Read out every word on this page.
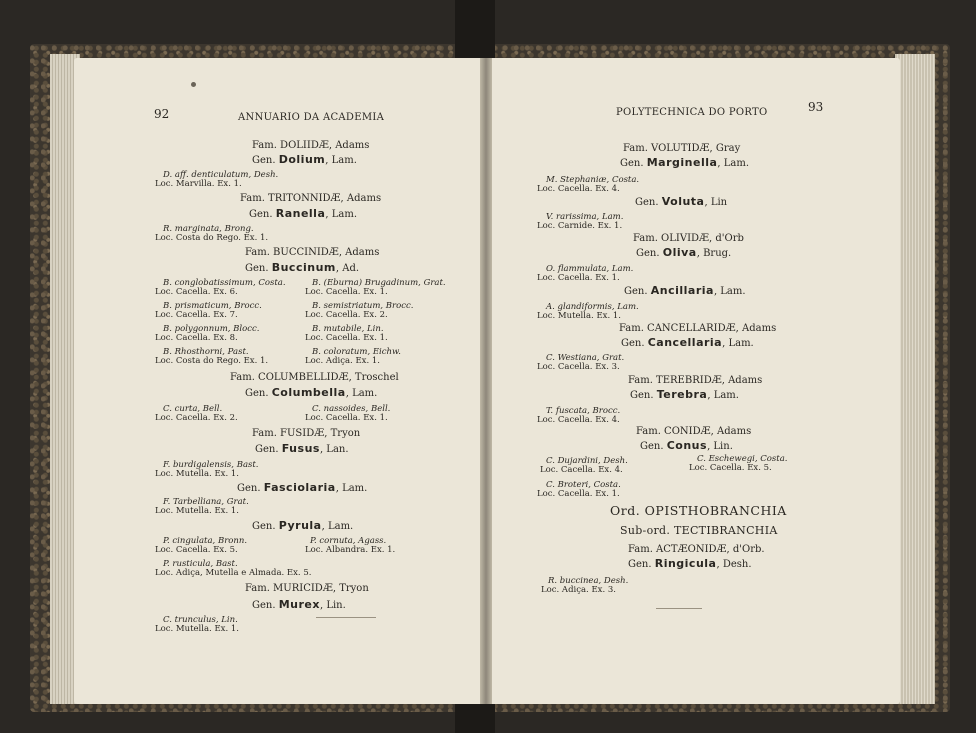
92	ANNUARIO DA ACADEMIA
93
POLYTECHNICA DO PORTO
Fam. DOLIIDÆ, Adams
Gen. Dolium, Lam.
D. aff. denticulatum, Desh.
Loc. Marvilla. Ex. 1.
Fam. TRITONNIDÆ, Adams
Gen. Ranella, Lam.
R. marginata, Brong.
Loc. Costa do Rego. Ex. 1.
Fam. BUCCINIDÆ, Adams
Gen. Buccinum, Ad.
B. conglobatissimum, Costa.
Loc. Cacella. Ex. 6.
B. (Eburna) Brugadinum, Grat.
Loc. Cacella. Ex. 1.
B. prismaticum, Brocc.
Loc. Cacella. Ex. 7.
B. semistriatum, Brocc.
Loc. Cacella. Ex. 2.
B. polygonnum, Blocc.
Loc. Cacella. Ex. 8.
B. mutabile, Lin.
Loc. Cacella. Ex. 1.
B. Rhosthorni, Past.
Loc. Costa do Rego. Ex. 1.
B. coloratum, Eichw.
Loc. Adiça. Ex. 1.
Fam. COLUMBELLIDÆ, Troschel
Gen. Columbella, Lam.
C. curta, Bell.
Loc. Cacella. Ex. 2.
C. nassoides, Bell.
Loc. Cacella. Ex. 1.
Fam. FUSIDÆ, Tryon
Gen. Fusus, Lan.
F. burdigalensis, Bast.
Loc. Mutella. Ex. 1.
Gen. Fasciolaria, Lam.
F. Tarbelliana, Grat.
Loc. Mutella. Ex. 1.
Gen. Pyrula, Lam.
P. cingulata, Bronn.
Loc. Cacella. Ex. 5.
P. cornuta, Agass.
Loc. Albandra. Ex. 1.
P. rusticula, Bast.
Loc. Adiça, Mutella e Almada. Ex. 5.
Fam. MURICIDÆ, Tryon
Gen. Murex, Lin.
C. trunculus, Lin.
Loc. Mutella. Ex. 1.
Fam. VOLUTIDÆ, Gray
Gen. Marginella, Lam.
M. Stephaniæ, Costa.
Loc. Cacella. Ex. 4.
Gen. Voluta, Lin
V. rarissima, Lam.
Loc. Carnide. Ex. 1.
Fam. OLIVIDÆ, d'Orb
Gen. Oliva, Brug.
O. flammulata, Lam.
Loc. Cacella. Ex. 1.
Gen. Ancillaria, Lam.
A. glandiformis, Lam.
Loc. Mutella. Ex. 1.
Fam. CANCELLARIDÆ, Adams
Gen. Cancellaria, Lam.
C. Westiana, Grat.
Loc. Cacella. Ex. 3.
Fam. TEREBRIDÆ, Adams
Gen. Terebra, Lam.
T. fuscata, Brocc.
Loc. Cacella. Ex. 4.
Fam. CONIDÆ, Adams
Gen. Conus, Lin.
C. Dujardini, Desh.
Loc. Cacella. Ex. 4.
C. Eschewegi, Costa.
Loc. Cacella. Ex. 5.
C. Broteri, Costa.
Loc. Cacella. Ex. 1.
Ord. OPISTHOBRANCHIA
Sub-ord. TECTIBRANCHIA
Fam. ACTÆONIDÆ, d'Orb.
Gen. Ringicula, Desh.
R. buccinea, Desh.
Loc. Adiça. Ex. 3.
